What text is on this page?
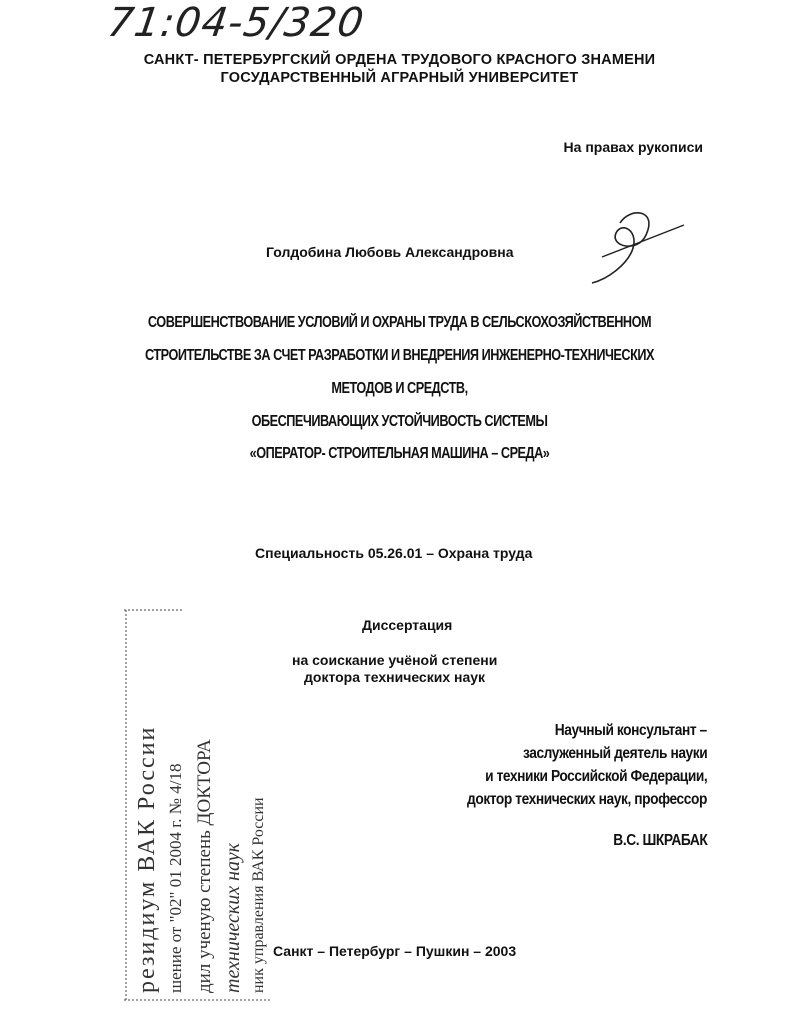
71:04-5/320
САНКТ- ПЕТЕРБУРГСКИЙ ОРДЕНА ТРУДОВОГО КРАСНОГО ЗНАМЕНИ
ГОСУДАРСТВЕННЫЙ АГРАРНЫЙ УНИВЕРСИТЕТ
На правах рукописи
Голдобина Любовь Александровна
СОВЕРШЕНСТВОВАНИЕ УСЛОВИЙ И ОХРАНЫ ТРУДА В СЕЛЬСКОХОЗЯЙСТВЕННОМ
СТРОИТЕЛЬСТВЕ ЗА СЧЕТ РАЗРАБОТКИ И ВНЕДРЕНИЯ ИНЖЕНЕРНО-ТЕХНИЧЕСКИХ
МЕТОДОВ И СРЕДСТВ,
ОБЕСПЕЧИВАЮЩИХ УСТОЙЧИВОСТЬ СИСТЕМЫ
«ОПЕРАТОР- СТРОИТЕЛЬНАЯ МАШИНА – СРЕДА»
Специальность 05.26.01 – Охрана труда
Диссертация
на соискание учёной степени
доктора технических наук
Научный консультант –
заслуженный деятель науки
и техники Российской Федерации,
доктор технических наук, профессор
В.С. ШКРАБАК
резидиум ВАК России шение от "02" 01 2004 г. № 4/18 дил ученую степень ДОКТОРА технических наук ник управления ВАК России Санкт – Петербург – Пушкин – 2003
